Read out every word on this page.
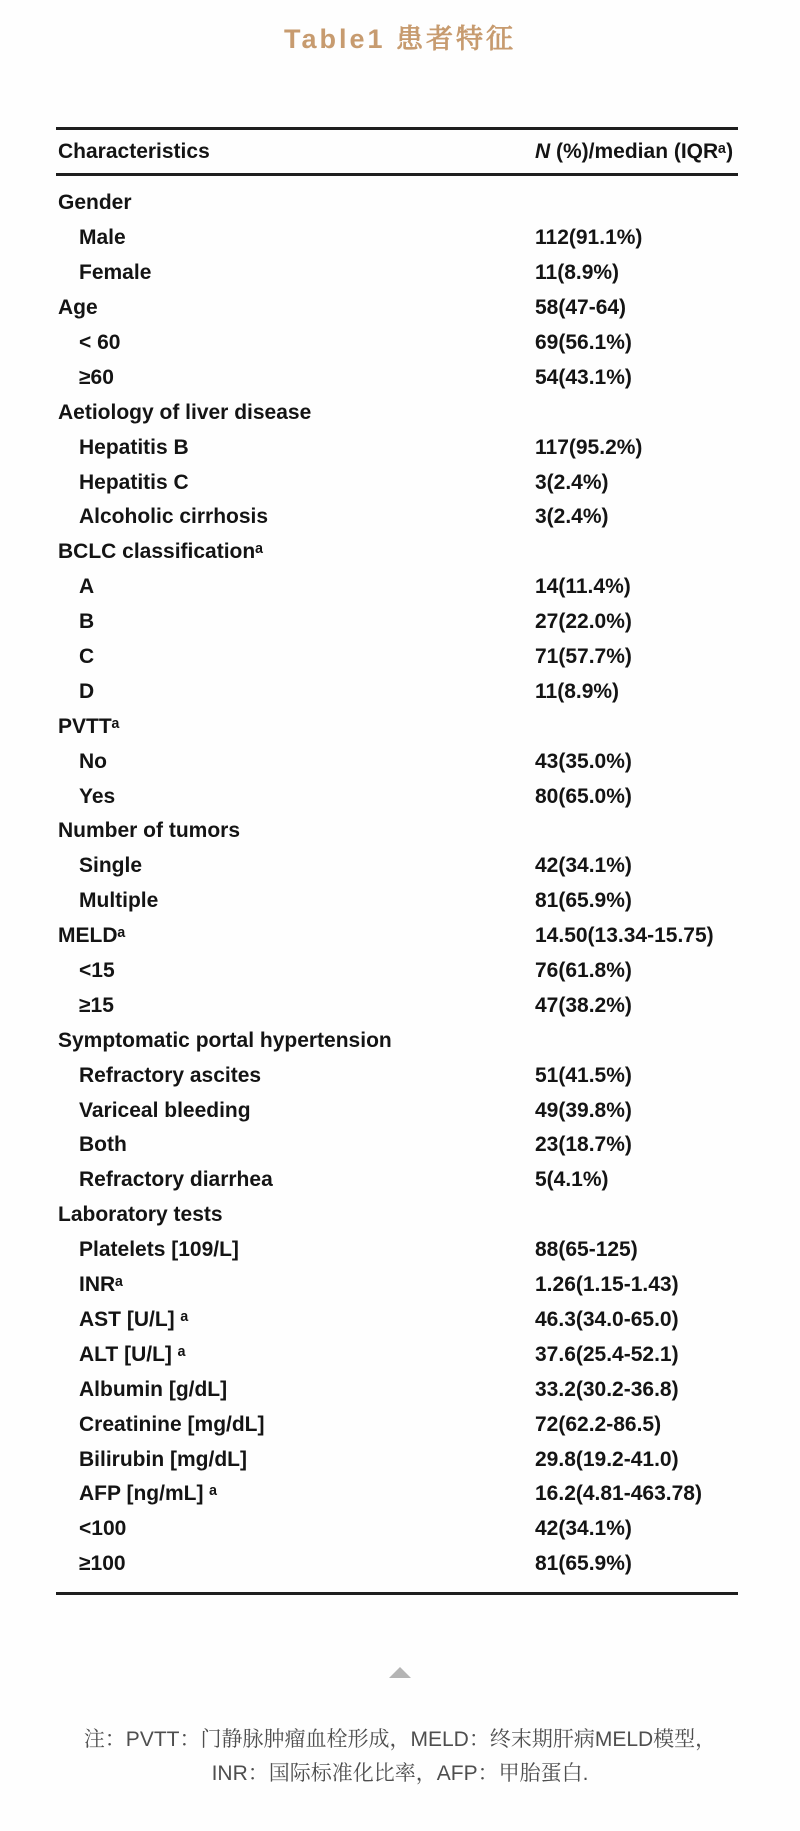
Table1 患者特征
Characteristics	N (%)/median (IQRᵃ)
Gender
Male	112(91.1%)
Female	11(8.9%)
Age	58(47-64)
< 60	69(56.1%)
≥60	54(43.1%)
Aetiology of liver disease
Hepatitis B	117(95.2%)
Hepatitis C	3(2.4%)
Alcoholic cirrhosis	3(2.4%)
BCLC classificationᵃ
A	14(11.4%)
B	27(22.0%)
C	71(57.7%)
D	11(8.9%)
PVTTᵃ
No	43(35.0%)
Yes	80(65.0%)
Number of tumors
Single	42(34.1%)
Multiple	81(65.9%)
MELDᵃ	14.50(13.34-15.75)
<15	76(61.8%)
≥15	47(38.2%)
Symptomatic portal hypertension
Refractory ascites	51(41.5%)
Variceal bleeding	49(39.8%)
Both	23(18.7%)
Refractory diarrhea	5(4.1%)
Laboratory tests
Platelets [109/L]	88(65-125)
INRᵃ	1.26(1.15-1.43)
AST [U/L] ᵃ	46.3(34.0-65.0)
ALT [U/L] ᵃ	37.6(25.4-52.1)
Albumin [g/dL]	33.2(30.2-36.8)
Creatinine [mg/dL]	72(62.2-86.5)
Bilirubin [mg/dL]	29.8(19.2-41.0)
AFP [ng/mL] ᵃ	16.2(4.81-463.78)
<100	42(34.1%)
≥100	81(65.9%)
注：PVTT：门静脉肿瘤血栓形成，MELD：终末期肝病MELD模型，
INR：国际标准化比率，AFP：甲胎蛋白.
